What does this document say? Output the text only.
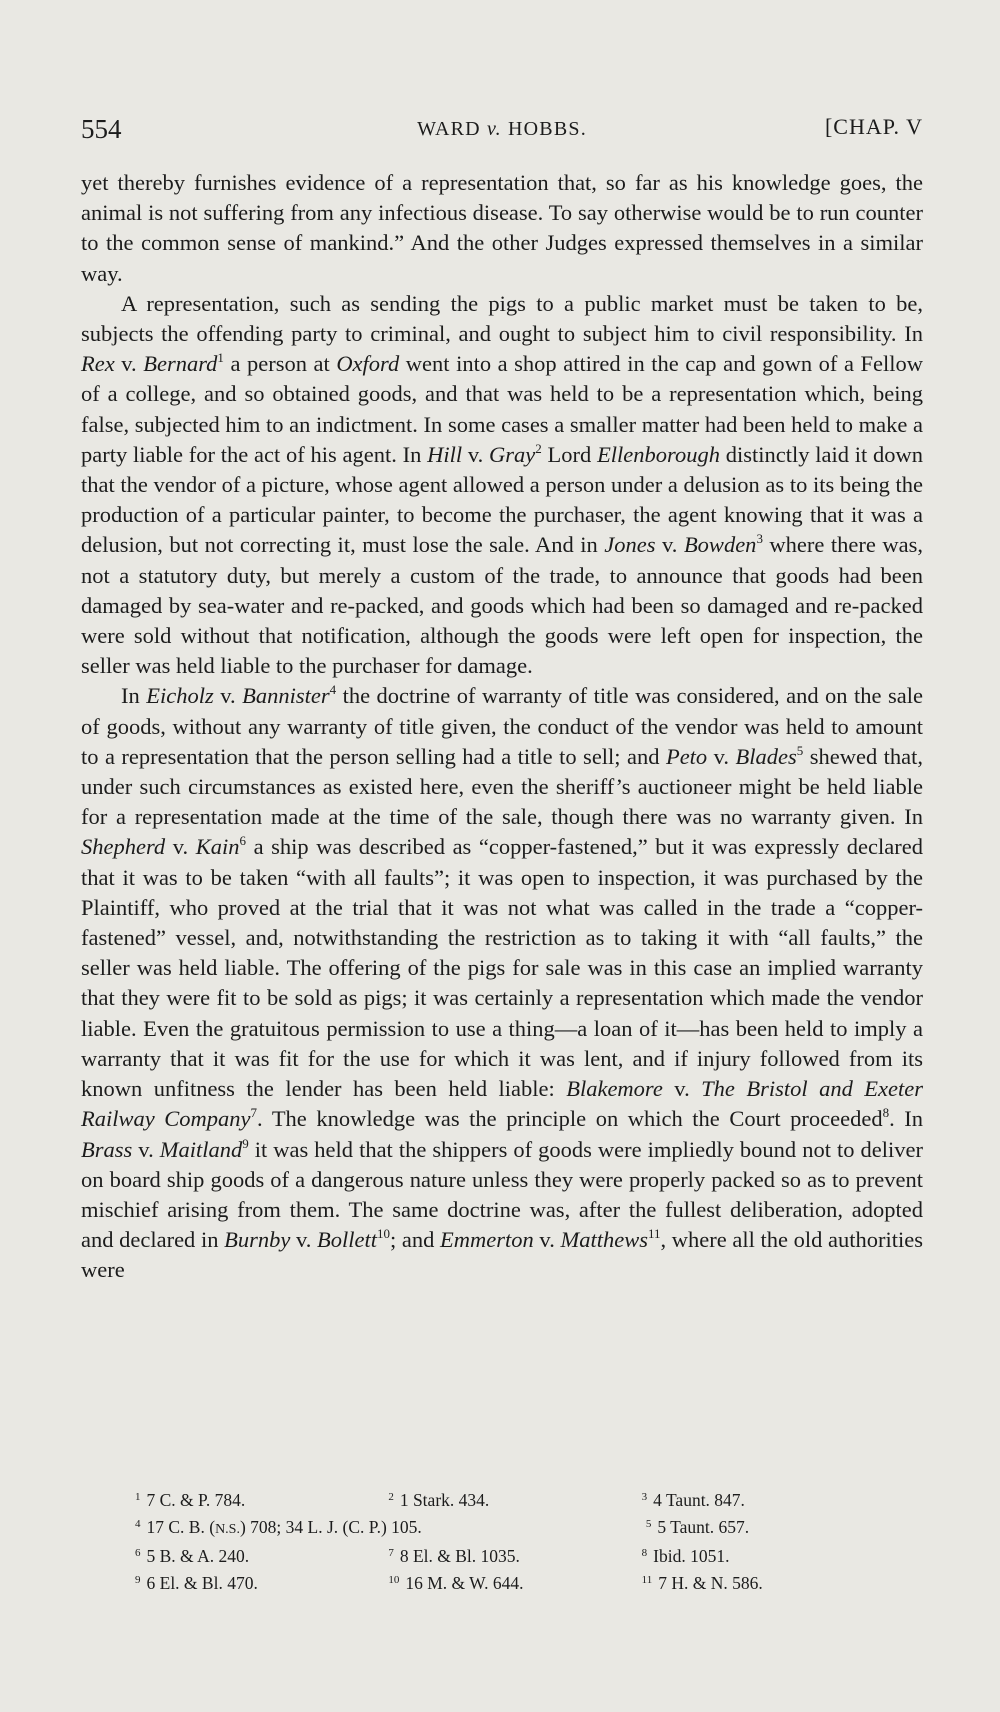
554	WARD v. HOBBS.	[CHAP. V

yet thereby furnishes evidence of a representation that, so far as his knowledge goes, the animal is not suffering from any infectious disease. To say otherwise would be to run counter to the common sense of mankind.” And the other Judges expressed themselves in a similar way.

A representation, such as sending the pigs to a public market must be taken to be, subjects the offending party to criminal, and ought to subject him to civil responsibility. In Rex v. Bernard$^1$ a person at Oxford went into a shop attired in the cap and gown of a Fellow of a college, and so obtained goods, and that was held to be a representation which, being false, subjected him to an indictment. In some cases a smaller matter had been held to make a party liable for the act of his agent. In Hill v. Gray$^2$ Lord Ellenborough distinctly laid it down that the vendor of a picture, whose agent allowed a person under a delusion as to its being the production of a particular painter, to become the purchaser, the agent knowing that it was a delusion, but not correcting it, must lose the sale. And in Jones v. Bowden$^3$ where there was, not a statutory duty, but merely a custom of the trade, to announce that goods had been damaged by sea-water and re-packed, and goods which had been so damaged and re-packed were sold without that notification, although the goods were left open for inspection, the seller was held liable to the purchaser for damage.

In Eicholz v. Bannister$^4$ the doctrine of warranty of title was considered, and on the sale of goods, without any warranty of title given, the conduct of the vendor was held to amount to a representation that the person selling had a title to sell; and Peto v. Blades$^5$ shewed that, under such circumstances as existed here, even the sheriff’s auctioneer might be held liable for a representation made at the time of the sale, though there was no warranty given. In Shepherd v. Kain$^6$ a ship was described as “copper-fastened,” but it was expressly declared that it was to be taken “with all faults”; it was open to inspection, it was purchased by the Plaintiff, who proved at the trial that it was not what was called in the trade a “copper-fastened” vessel, and, notwithstanding the restriction as to taking it with “all faults,” the seller was held liable. The offering of the pigs for sale was in this case an implied warranty that they were fit to be sold as pigs; it was certainly a representation which made the vendor liable. Even the gratuitous permission to use a thing—a loan of it—has been held to imply a warranty that it was fit for the use for which it was lent, and if injury followed from its known unfitness the lender has been held liable: Blakemore v. The Bristol and Exeter Railway Company$^7$. The knowledge was the principle on which the Court proceeded$^8$. In Brass v. Maitland$^9$ it was held that the shippers of goods were impliedly bound not to deliver on board ship goods of a dangerous nature unless they were properly packed so as to prevent mischief arising from them. The same doctrine was, after the fullest deliberation, adopted and declared in Burnby v. Bollett$^{10}$; and Emmerton v. Matthews$^{11}$, where all the old authorities were

$^1$ 7 C. & P. 784.	$^2$ 1 Stark. 434.	$^3$ 4 Taunt. 847.
$^4$ 17 C. B. (N.S.) 708; 34 L. J. (C. P.) 105.	$^5$ 5 Taunt. 657.
$^6$ 5 B. & A. 240.	$^7$ 8 El. & Bl. 1035.	$^8$ Ibid. 1051.
$^9$ 6 El. & Bl. 470.	$^{10}$ 16 M. & W. 644.	$^{11}$ 7 H. & N. 586.
